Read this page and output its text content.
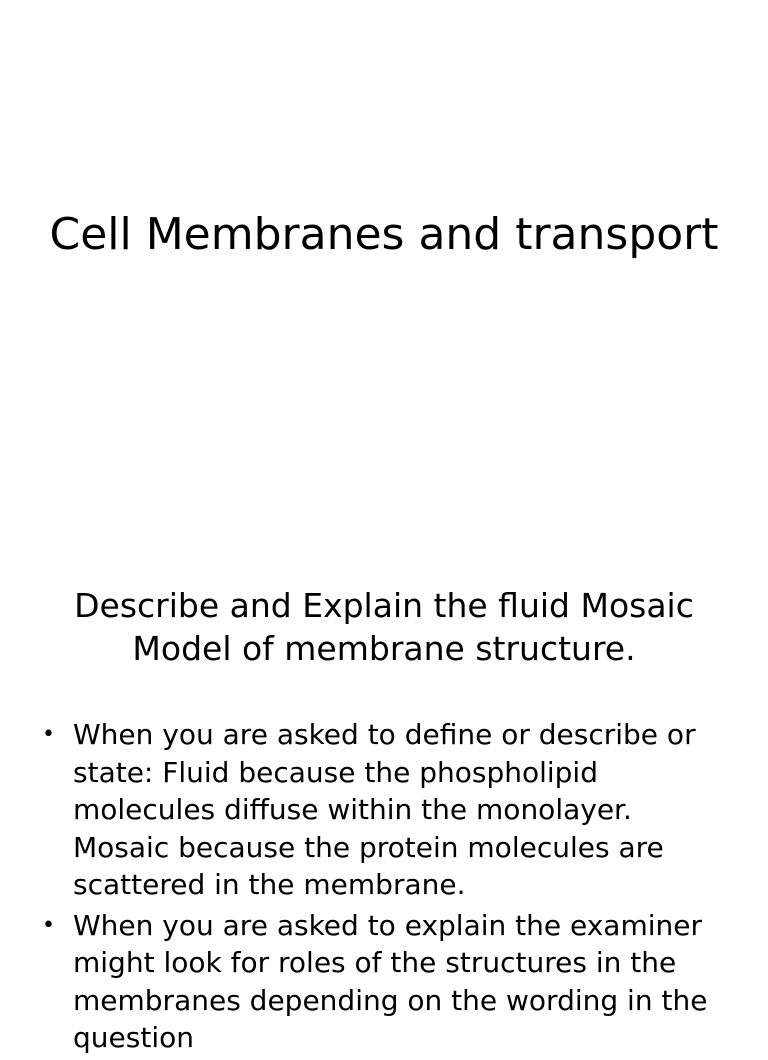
Cell Membranes and transport
Describe and Explain the fluid Mosaic Model of membrane structure.
• When you are asked to define or describe or state: Fluid because the phospholipid molecules diffuse within the monolayer. Mosaic because the protein molecules are scattered in the membrane.
• When you are asked to explain the examiner might look for roles of the structures in the membranes depending on the wording in the question
